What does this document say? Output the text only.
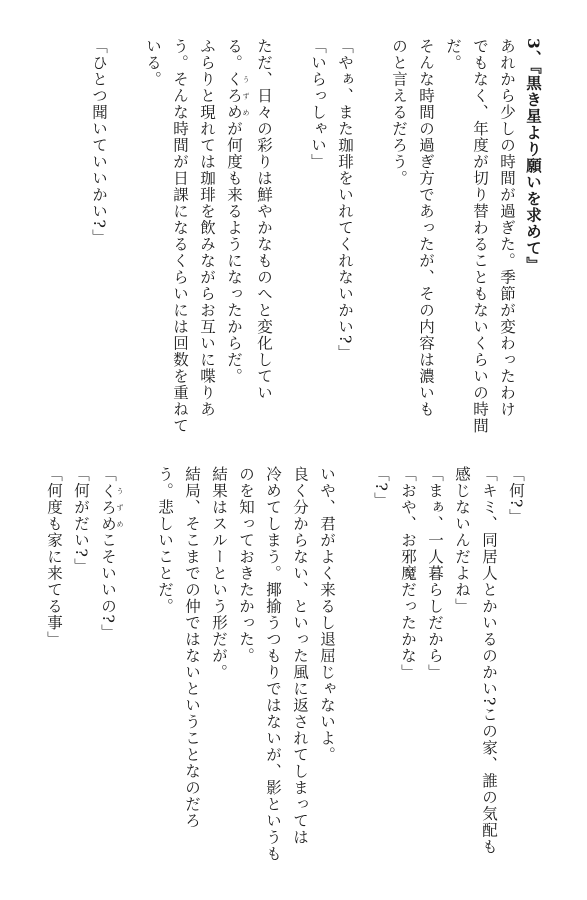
3、『黒き星より願いを求めて』
あれから少しの時間が過ぎた。季節が変わったわけ
でもなく、年度が切り替わることもないくらいの時間
だ。
そんな時間の過ぎ方であったが、その内容は濃いも
のと言えるだろう。
「やぁ、また珈琲をいれてくれないかい?」
「いらっしゃい」
ただ、日々の彩りは鮮やかなものへと変化してい
る。くろめ うずめが何度も来るようになったからだ。
ふらりと現れては珈琲を飲みながらお互いに喋りあ
う。そんな時間が日課になるくらいには回数を重ねて
いる。
「ひとつ聞いていいかい?」
「何?」
「キミ、同居人とかいるのかい?この家、誰の気配も
感じないんだよね」
「まぁ、一人暮らしだから」
「おや、お邪魔だったかな」
「?」
いや、君がよく来るし退屈じゃないよ。
良く分からない、といった風に返されてしまっては
冷めてしまう。揶揄うつもりではないが、影というも
のを知っておきたかった。
結果はスルーという形だが。
結局、そこまでの仲ではないということなのだろ
う。悲しいことだ。
「くろめ うずめこそいいの?」
「何がだい?」
「何度も家に来てる事」
